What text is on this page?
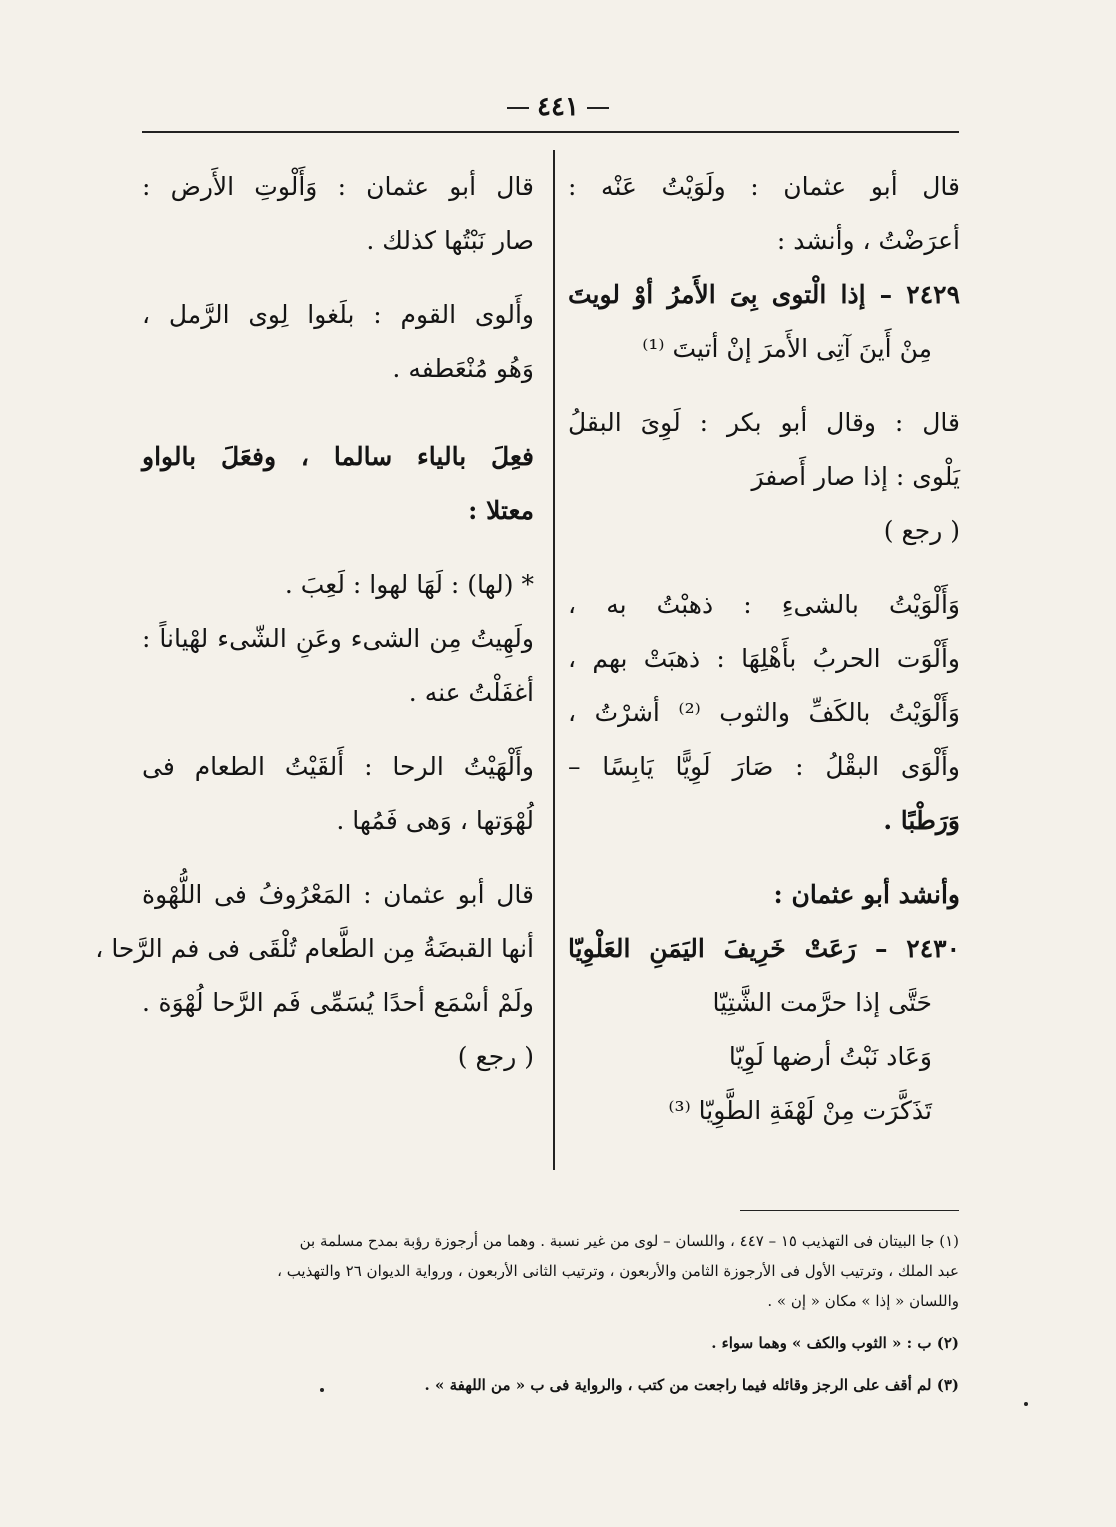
٤٤١
قال أبو عثمان : ولَوَيْتُ عَنْه :
أعرَضْتُ ، وأنشد :
٢٤٢٩ – إذا الْتوى بِىَ الأَمرُ أوْ لويتَ
مِنْ أَينَ آتِى الأَمرَ إنْ أتيتَ ⁽¹⁾
قال : وقال أبو بكر : لَوِىَ البقلُ
يَلْوى : إذا صار أَصفرَ
( رجع )
وَأَلْوَيْتُ بالشىءِ : ذهبْتُ به ،
وأَلْوَت الحربُ بأَهْلِهَا : ذهبَتْ بهم ،
وَأَلْوَيْتُ بالكَفِّ والثوب ⁽²⁾ أشرْتُ ،
وأَلْوَى البقْلُ : صَارَ لَوِيًّا يَابِسًا –
وَرَطْبًا .
وأنشد أبو عثمان :
٢٤٣٠ – رَعَتْ خَرِيفَ اليَمَنِ العَلْوِيّا
حَتَّى إذا حرَّمت الشَّتِيّا
وَعَاد نَبْتُ أرضها لَوِيّا
تَذَكَّرَت مِنْ لَهْفَةِ الطَّوِيّا ⁽³⁾
قال أبو عثمان : وَأَلْوتِ الأَرض :
صار نَبْتُها كذلك .
وأَلوى القوم : بلَغوا لِوى الرَّمل ،
وَهُو مُنْعَطفه .
فعِلَ بالياء سالما ، وفعَلَ بالواو
معتلا :
* (لها) : لَهَا لهوا : لَعِبَ .
ولَهِيتُ مِن الشىء وعَنِ الشّىء لهْياناً :
أغفَلْتُ عنه .
وأَلْهَيْتُ الرحا : أَلقَيْتُ الطعام فى
لُهْوَتها ، وَهى فَمُها .
قال أبو عثمان : المَعْرُوفُ فى اللُّهْوة
أنها القبضَةُ مِن الطَّعام تُلْقَى فى فم الرَّحا ،
ولَمْ أسْمَع أحدًا يُسَمِّى فَم الرَّحا لُهْوَة .
( رجع )
(١) جا البيتان فى التهذيب ١٥ – ٤٤٧ ، واللسان – لوى من غير نسبة . وهما من أرجوزة رؤبة بمدح مسلمة بن
عبد الملك ، وترتيب الأول فى الأرجوزة الثامن والأربعون ، وترتيب الثانى الأربعون ، ورواية الديوان ٢٦ والتهذيب ،
واللسان « إذا » مكان « إن » .
(٢) ب : « الثوب والكف » وهما سواء .
(٣) لم أقف على الرجز وقائله فيما راجعت من كتب ، والرواية فى ب « من اللهفة » .
